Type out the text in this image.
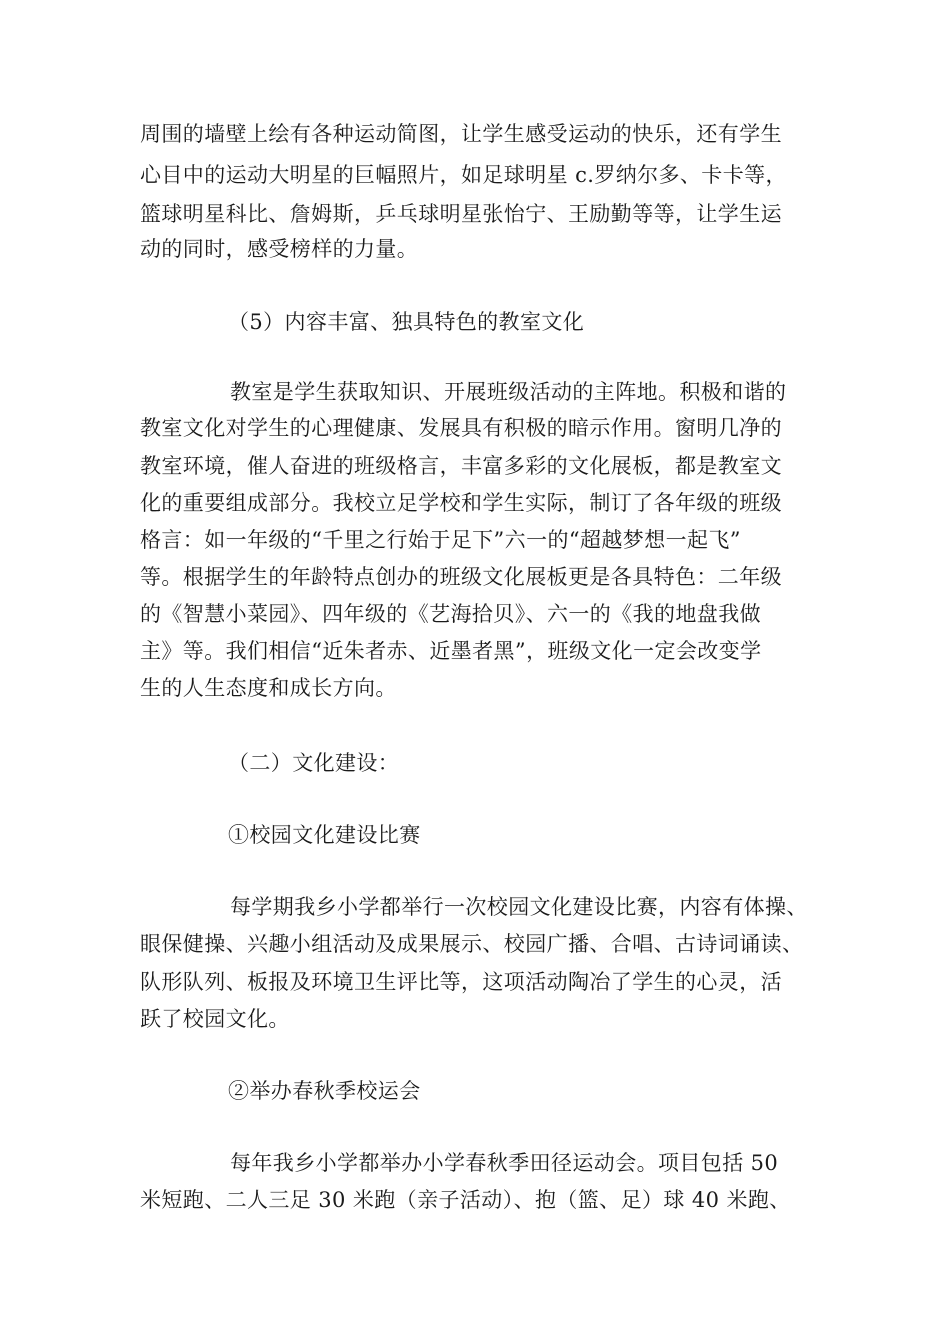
周围的墙壁上绘有各种运动简图，让学生感受运动的快乐，还有学生
心目中的运动大明星的巨幅照片，如足球明星 c.罗纳尔多、卡卡等，
篮球明星科比、詹姆斯，乒乓球明星张怡宁、王励勤等等，让学生运
动的同时，感受榜样的力量。
（5）内容丰富、独具特色的教室文化
教室是学生获取知识、开展班级活动的主阵地。积极和谐的
教室文化对学生的心理健康、发展具有积极的暗示作用。窗明几净的
教室环境，催人奋进的班级格言，丰富多彩的文化展板，都是教室文
化的重要组成部分。我校立足学校和学生实际，制订了各年级的班级
格言：如一年级的“千里之行始于足下”六一的“超越梦想一起飞”
等。根据学生的年龄特点创办的班级文化展板更是各具特色：二年级
的《智慧小菜园》、四年级的《艺海拾贝》、六一的《我的地盘我做
主》等。我们相信“近朱者赤、近墨者黑”，班级文化一定会改变学
生的人生态度和成长方向。
（二）文化建设：
①校园文化建设比赛
每学期我乡小学都举行一次校园文化建设比赛，内容有体操、
眼保健操、兴趣小组活动及成果展示、校园广播、合唱、古诗词诵读、
队形队列、板报及环境卫生评比等，这项活动陶冶了学生的心灵，活
跃了校园文化。
②举办春秋季校运会
每年我乡小学都举办小学春秋季田径运动会。项目包括 50
米短跑、二人三足 30 米跑（亲子活动）、抱（篮、足）球 40 米跑、
